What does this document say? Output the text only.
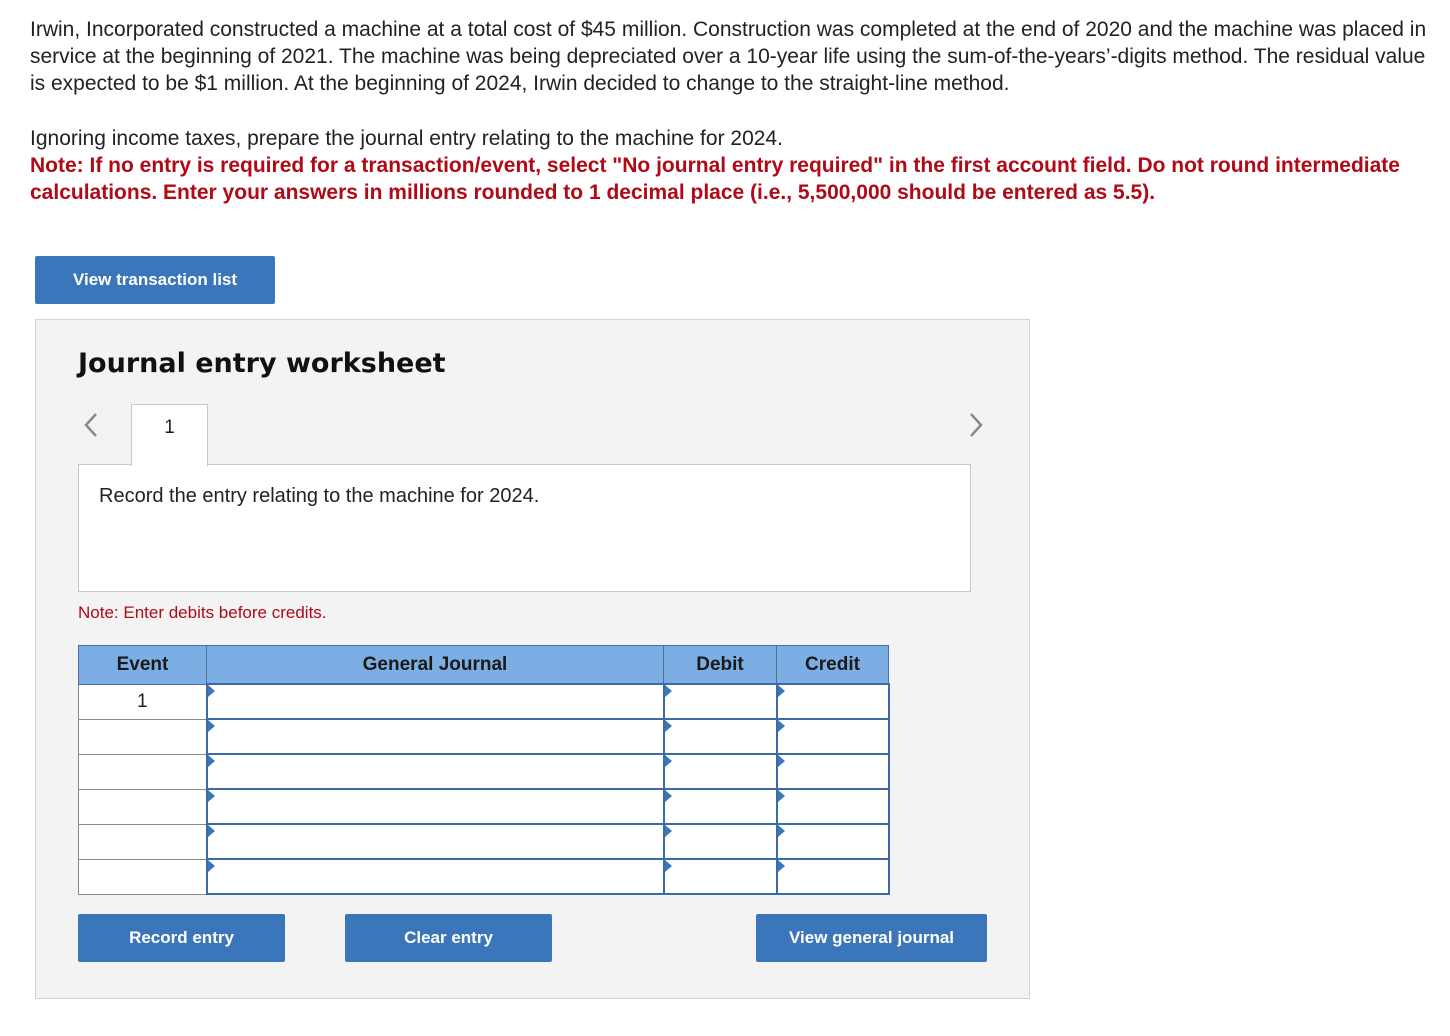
Irwin, Incorporated constructed a machine at a total cost of $45 million. Construction was completed at the end of 2020 and the machine was placed in service at the beginning of 2021. The machine was being depreciated over a 10-year life using the sum-of-the-years’-digits method. The residual value is expected to be $1 million. At the beginning of 2024, Irwin decided to change to the straight-line method.

Ignoring income taxes, prepare the journal entry relating to the machine for 2024.

Note: If no entry is required for a transaction/event, select "No journal entry required" in the first account field. Do not round intermediate calculations. Enter your answers in millions rounded to 1 decimal place (i.e., 5,500,000 should be entered as 5.5).

View transaction list
Journal entry worksheet
1
Record the entry relating to the machine for 2024.
Note: Enter debits before credits.
Event	General Journal	Debit	Credit
1			

Record entry	Clear entry	View general journal
